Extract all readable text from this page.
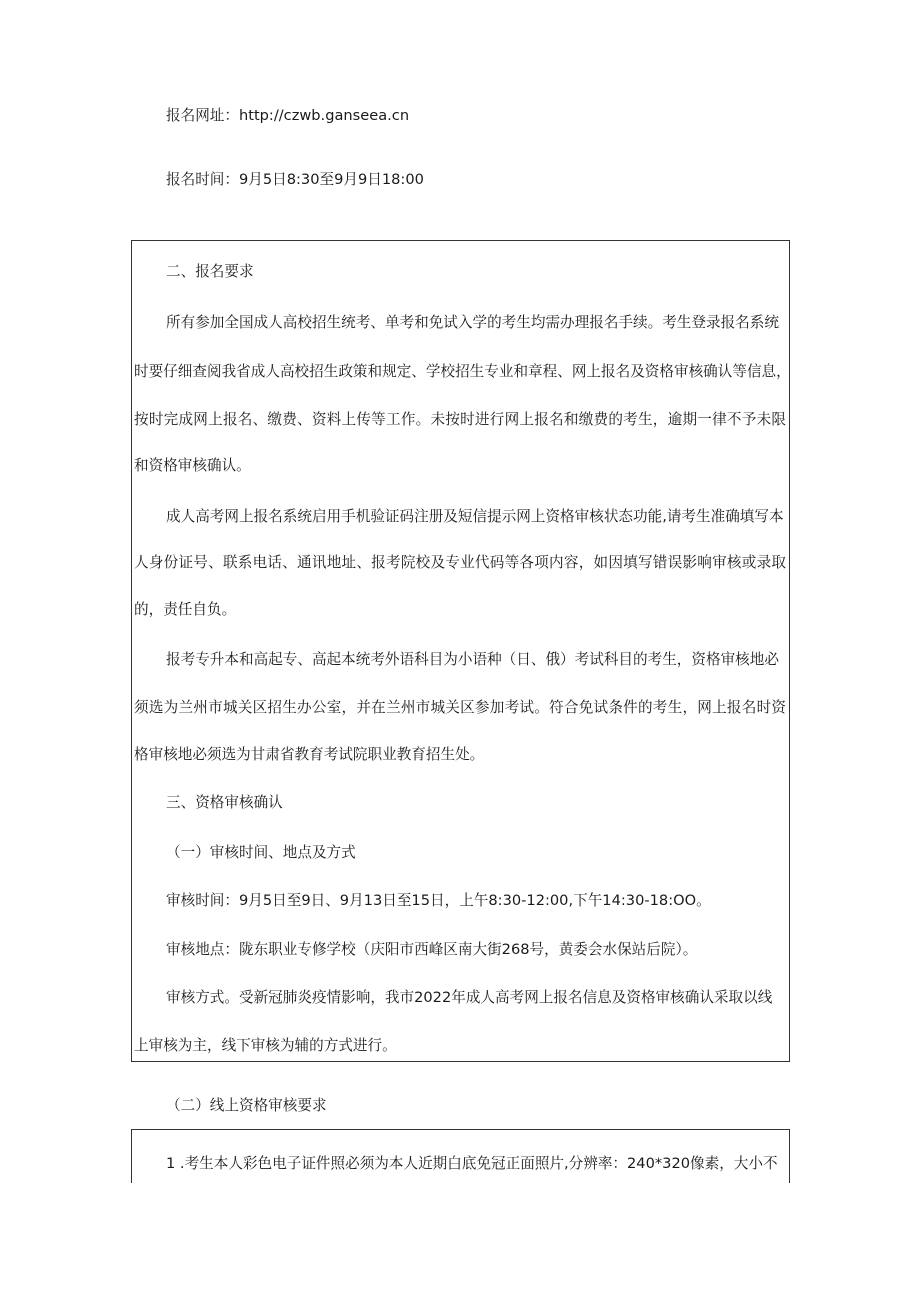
报名网址：http://czwb.ganseea.cn
报名时间：9月5日8:30至9月9日18:00
二、报名要求
所有参加全国成人高校招生统考、单考和免试入学的考生均需办理报名手续。考生登录报名系统
时要仔细查阅我省成人高校招生政策和规定、学校招生专业和章程、网上报名及资格审核确认等信息，
按时完成网上报名、缴费、资料上传等工作。未按时进行网上报名和缴费的考生，逾期一律不予未限
和资格审核确认。
成人高考网上报名系统启用手机验证码注册及短信提示网上资格审核状态功能,请考生准确填写本
人身份证号、联系电话、通讯地址、报考院校及专业代码等各项内容，如因填写错误影响审核或录取
的，责任自负。
报考专升本和高起专、高起本统考外语科目为小语种（日、俄）考试科目的考生，资格审核地必
须选为兰州市城关区招生办公室，并在兰州市城关区参加考试。符合免试条件的考生，网上报名时资
格审核地必须选为甘肃省教育考试院职业教育招生处。
三、资格审核确认
（一）审核时间、地点及方式
审核时间：9月5日至9日、9月13日至15日，上午8:30-12:00,下午14:30-18:OO。
审核地点：陇东职业专修学校（庆阳市西峰区南大街268号，黄委会水保站后院）。
审核方式。受新冠肺炎疫情影响，我市2022年成人高考网上报名信息及资格审核确认采取以线
上审核为主，线下审核为辅的方式进行。
（二）线上资格审核要求
1 .考生本人彩色电子证件照必须为本人近期白底免冠正面照片,分辨率：240*320像素，大小不
